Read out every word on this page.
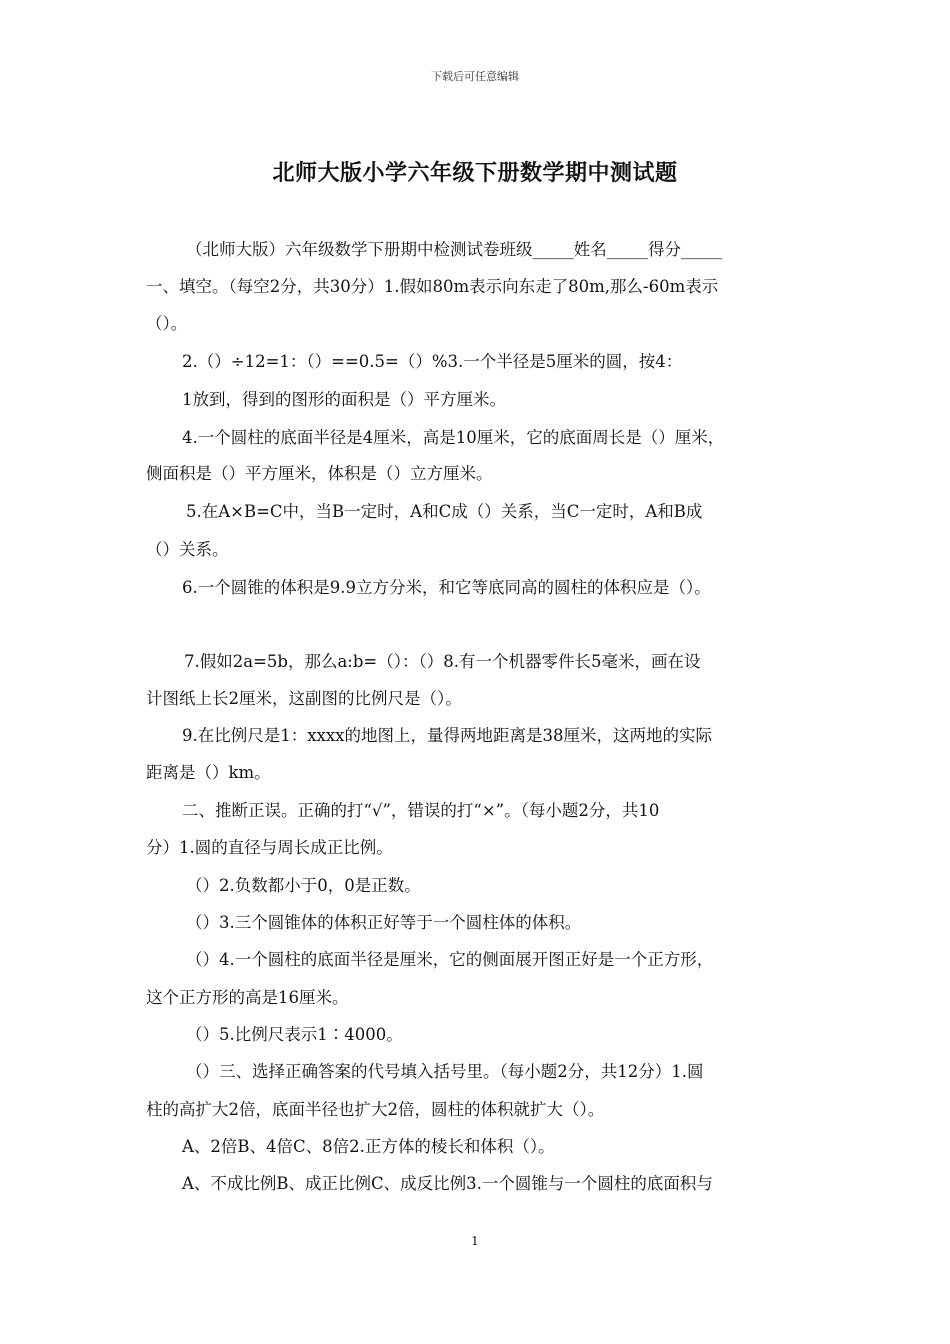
下载后可任意编辑
北师大版小学六年级下册数学期中测试题
（北师大版）六年级数学下册期中检测试卷班级_____姓名_____得分_____
一、填空。（每空2分，共30分）1.假如80m表示向东走了80m,那么-60m表示
（）。
2.（）÷12=1：（）==0.5=（）%3.一个半径是5厘米的圆，按4：
1放到，得到的图形的面积是（）平方厘米。
4.一个圆柱的底面半径是4厘米，高是10厘米，它的底面周长是（）厘米，
侧面积是（）平方厘米，体积是（）立方厘米。
5.在A×B=C中，当B一定时，A和C成（）关系，当C一定时，A和B成
（）关系。
6.一个圆锥的体积是9.9立方分米，和它等底同高的圆柱的体积应是（）。
7.假如2a=5b，那么a:b=（）：（）8.有一个机器零件长5毫米，画在设
计图纸上长2厘米，这副图的比例尺是（）。
9.在比例尺是1：xxxx的地图上，量得两地距离是38厘米，这两地的实际
距离是（）km。
二、推断正误。正确的打“√”，错误的打“×”。（每小题2分，共10
分）1.圆的直径与周长成正比例。
（）2.负数都小于0，0是正数。
（）3.三个圆锥体的体积正好等于一个圆柱体的体积。
（）4.一个圆柱的底面半径是厘米，它的侧面展开图正好是一个正方形，
这个正方形的高是16厘米。
（）5.比例尺表示1∶4000。
（）三、选择正确答案的代号填入括号里。（每小题2分，共12分）1.圆
柱的高扩大2倍，底面半径也扩大2倍，圆柱的体积就扩大（）。
A、2倍B、4倍C、8倍2.正方体的棱长和体积（）。
A、不成比例B、成正比例C、成反比例3.一个圆锥与一个圆柱的底面积与
1
